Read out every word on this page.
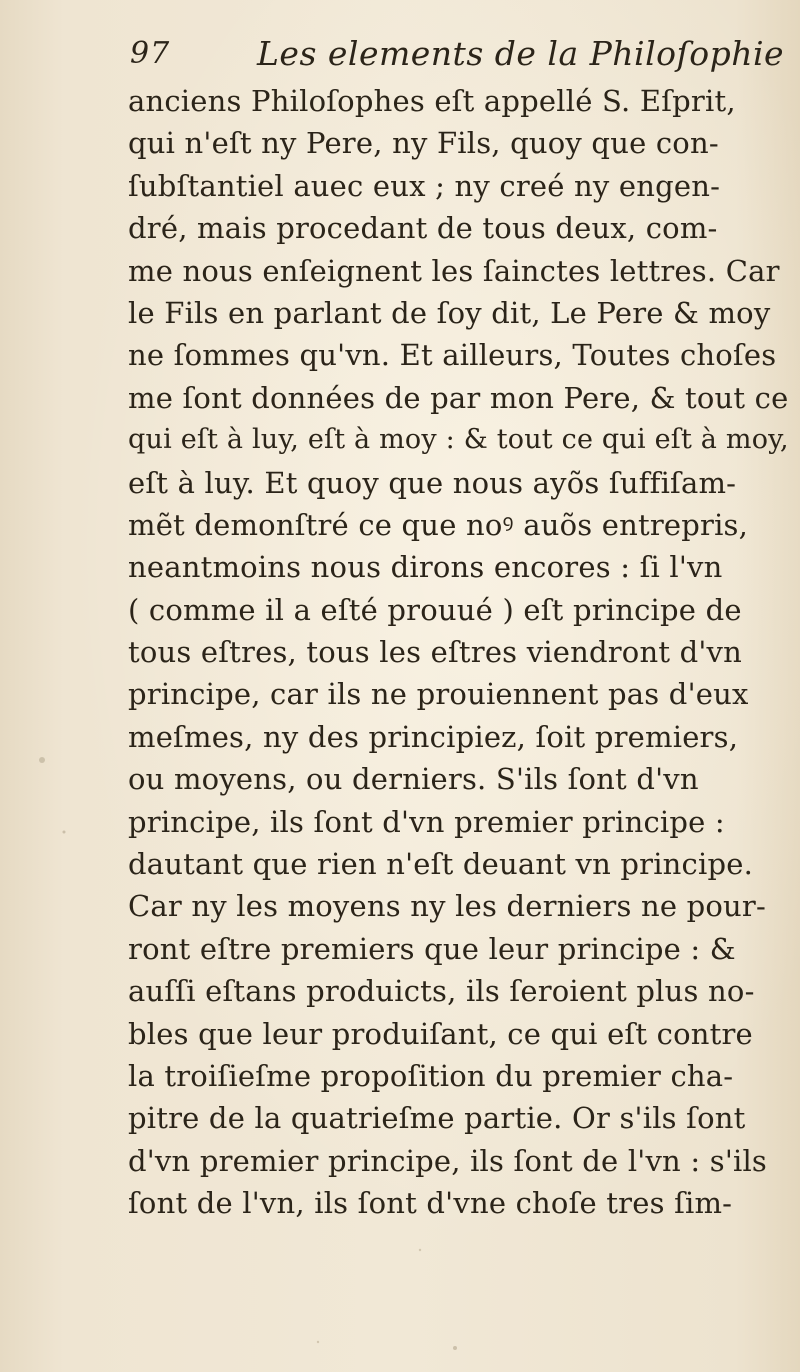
97	Les elements de la Philoſophie
anciens Philoſophes eſt appellé S. Eſprit,
qui n'eſt ny Pere, ny Fils, quoy que con-
ſubſtantiel auec eux ; ny creé ny engen-
dré, mais procedant de tous deux, com-
me nous enſeignent les ſainctes lettres. Car
le Fils en parlant de ſoy dit, Le Pere & moy
ne ſommes qu'vn. Et ailleurs, Toutes choſes
me ſont données de par mon Pere, & tout ce
qui eſt à luy, eſt à moy : & tout ce qui eſt à moy,
eſt à luy. Et quoy que nous ayõs ſuffiſam-
mẽt demonſtré ce que noꝰ auõs entrepris,
neantmoins nous dirons encores : ſi l'vn
( comme il a eſté prouué ) eſt principe de
tous eſtres, tous les eſtres viendront d'vn
principe, car ils ne prouiennent pas d'eux
meſmes, ny des principiez, ſoit premiers,
ou moyens, ou derniers. S'ils ſont d'vn
principe, ils ſont d'vn premier principe :
dautant que rien n'eſt deuant vn principe.
Car ny les moyens ny les derniers ne pour-
ront eſtre premiers que leur principe : &
auſſi eſtans produicts, ils ſeroient plus no-
bles que leur produiſant, ce qui eſt contre
la troiſieſme propoſition du premier cha-
pitre de la quatrieſme partie. Or s'ils ſont
d'vn premier principe, ils ſont de l'vn : s'ils
ſont de l'vn, ils ſont d'vne choſe tres ſim-
